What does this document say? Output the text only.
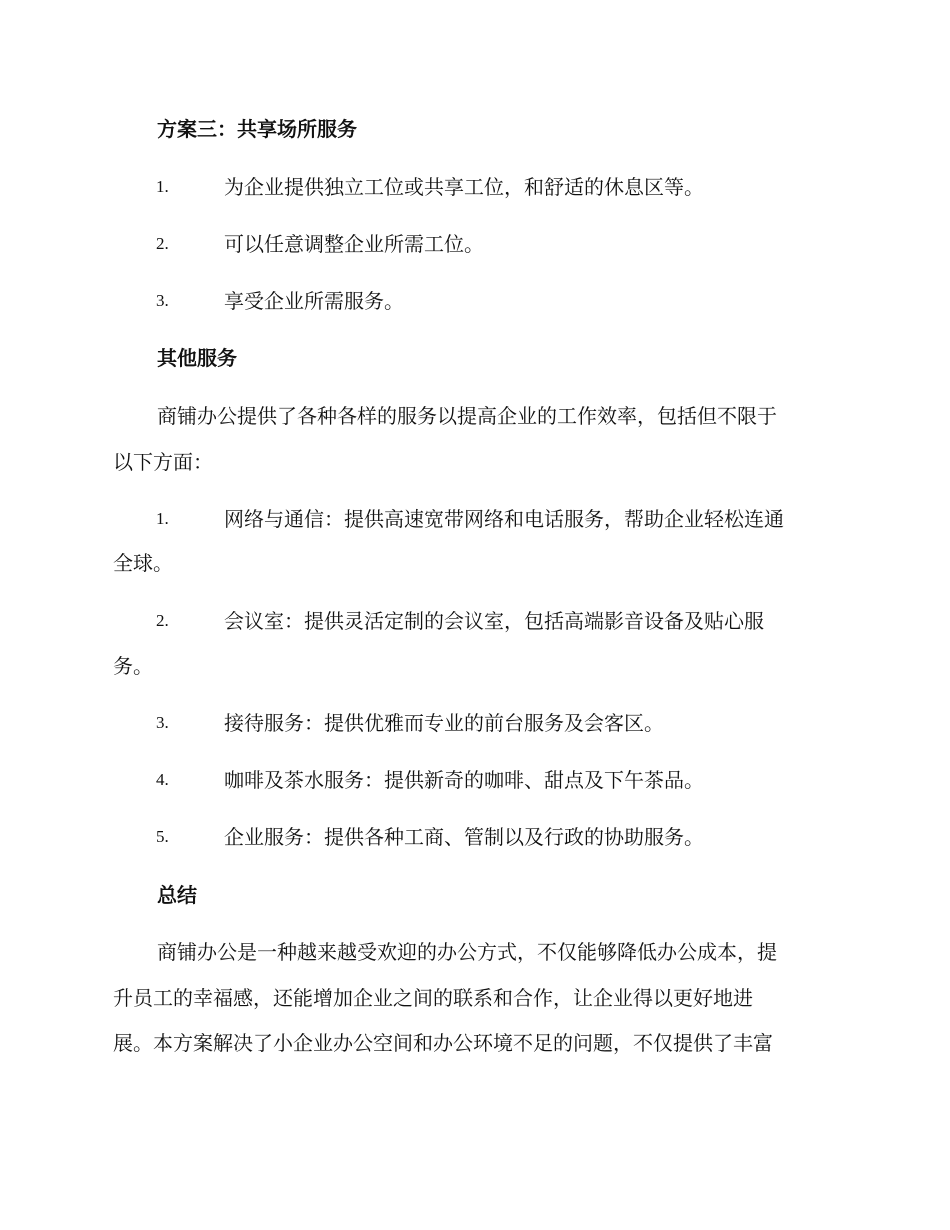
方案三：共享场所服务
1.	为企业提供独立工位或共享工位，和舒适的休息区等。
2.	可以任意调整企业所需工位。
3.	享受企业所需服务。
其他服务
商铺办公提供了各种各样的服务以提高企业的工作效率，包括但不限于
以下方面：
1.	网络与通信：提供高速宽带网络和电话服务，帮助企业轻松连通
全球。
2.	会议室：提供灵活定制的会议室，包括高端影音设备及贴心服
务。
3.	接待服务：提供优雅而专业的前台服务及会客区。
4.	咖啡及茶水服务：提供新奇的咖啡、甜点及下午茶品。
5.	企业服务：提供各种工商、管制以及行政的协助服务。
总结
商铺办公是一种越来越受欢迎的办公方式，不仅能够降低办公成本，提
升员工的幸福感，还能增加企业之间的联系和合作，让企业得以更好地进
展。本方案解决了小企业办公空间和办公环境不足的问题，不仅提供了丰富
